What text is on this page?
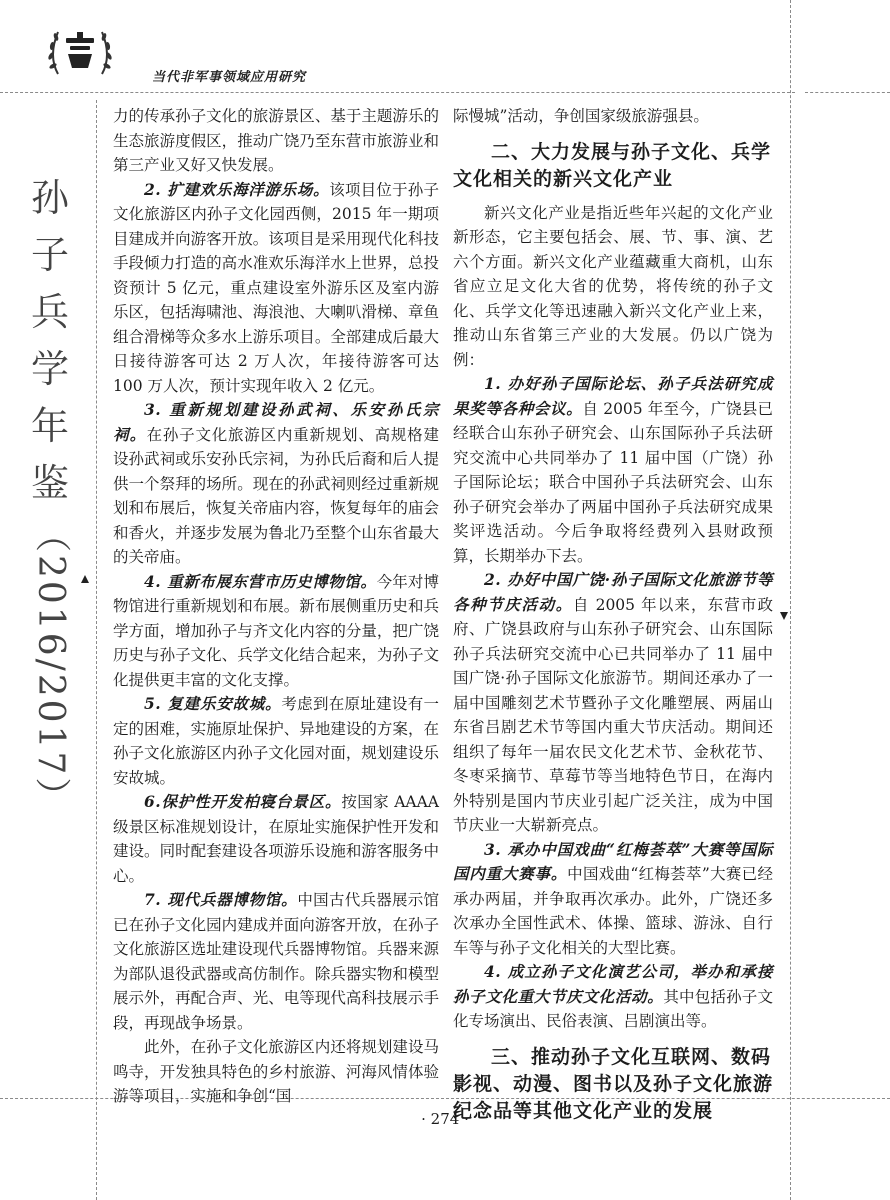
当代非军事领域应用研究
孙
子
兵
学
年
鉴
（2016/2017）

力的传承孙子文化的旅游景区、基于主题游乐的生态旅游度假区，推动广饶乃至东营市旅游业和第三产业又好又快发展。

2. 扩建欢乐海洋游乐场。该项目位于孙子文化旅游区内孙子文化园西侧，2015 年一期项目建成并向游客开放。该项目是采用现代化科技手段倾力打造的高水准欢乐海洋水上世界，总投资预计 5 亿元，重点建设室外游乐区及室内游乐区，包括海啸池、海浪池、大喇叭滑梯、章鱼组合滑梯等众多水上游乐项目。全部建成后最大日接待游客可达 2 万人次，年接待游客可达 100 万人次，预计实现年收入 2 亿元。

3. 重新规划建设孙武祠、乐安孙氏宗祠。在孙子文化旅游区内重新规划、高规格建设孙武祠或乐安孙氏宗祠，为孙氏后裔和后人提供一个祭拜的场所。现在的孙武祠则经过重新规划和布展后，恢复关帝庙内容，恢复每年的庙会和香火，并逐步发展为鲁北乃至整个山东省最大的关帝庙。

4. 重新布展东营市历史博物馆。今年对博物馆进行重新规划和布展。新布展侧重历史和兵学方面，增加孙子与齐文化内容的分量，把广饶历史与孙子文化、兵学文化结合起来，为孙子文化提供更丰富的文化支撑。

5. 复建乐安故城。考虑到在原址建设有一定的困难，实施原址保护、异地建设的方案，在孙子文化旅游区内孙子文化园对面，规划建设乐安故城。

6.保护性开发柏寝台景区。按国家 AAAA 级景区标准规划设计，在原址实施保护性开发和建设。同时配套建设各项游乐设施和游客服务中心。

7. 现代兵器博物馆。中国古代兵器展示馆已在孙子文化园内建成并面向游客开放，在孙子文化旅游区选址建设现代兵器博物馆。兵器来源为部队退役武器或高仿制作。除兵器实物和模型展示外，再配合声、光、电等现代高科技展示手段，再现战争场景。

此外，在孙子文化旅游区内还将规划建设马鸣寺，开发独具特色的乡村旅游、河海风情体验游等项目，实施和争创“国

际慢城”活动，争创国家级旅游强县。

二、大力发展与孙子文化、兵学文化相关的新兴文化产业

新兴文化产业是指近些年兴起的文化产业新形态，它主要包括会、展、节、事、演、艺六个方面。新兴文化产业蕴藏重大商机，山东省应立足文化大省的优势，将传统的孙子文化、兵学文化等迅速融入新兴文化产业上来，推动山东省第三产业的大发展。仍以广饶为例：

1. 办好孙子国际论坛、孙子兵法研究成果奖等各种会议。自 2005 年至今，广饶县已经联合山东孙子研究会、山东国际孙子兵法研究交流中心共同举办了 11 届中国（广饶）孙子国际论坛；联合中国孙子兵法研究会、山东孙子研究会举办了两届中国孙子兵法研究成果奖评选活动。今后争取将经费列入县财政预算，长期举办下去。

2. 办好中国广饶·孙子国际文化旅游节等各种节庆活动。自 2005 年以来，东营市政府、广饶县政府与山东孙子研究会、山东国际孙子兵法研究交流中心已共同举办了 11 届中国广饶·孙子国际文化旅游节。期间还承办了一届中国雕刻艺术节暨孙子文化雕塑展、两届山东省吕剧艺术节等国内重大节庆活动。期间还组织了每年一届农民文化艺术节、金秋花节、冬枣采摘节、草莓节等当地特色节日，在海内外特别是国内节庆业引起广泛关注，成为中国节庆业一大崭新亮点。

3. 承办中国戏曲“红梅荟萃”大赛等国际国内重大赛事。中国戏曲“红梅荟萃”大赛已经承办两届，并争取再次承办。此外，广饶还多次承办全国性武术、体操、篮球、游泳、自行车等与孙子文化相关的大型比赛。

4. 成立孙子文化演艺公司，举办和承接孙子文化重大节庆文化活动。其中包括孙子文化专场演出、民俗表演、吕剧演出等。

三、推动孙子文化互联网、数码影视、动漫、图书以及孙子文化旅游纪念品等其他文化产业的发展
· 274 ·
